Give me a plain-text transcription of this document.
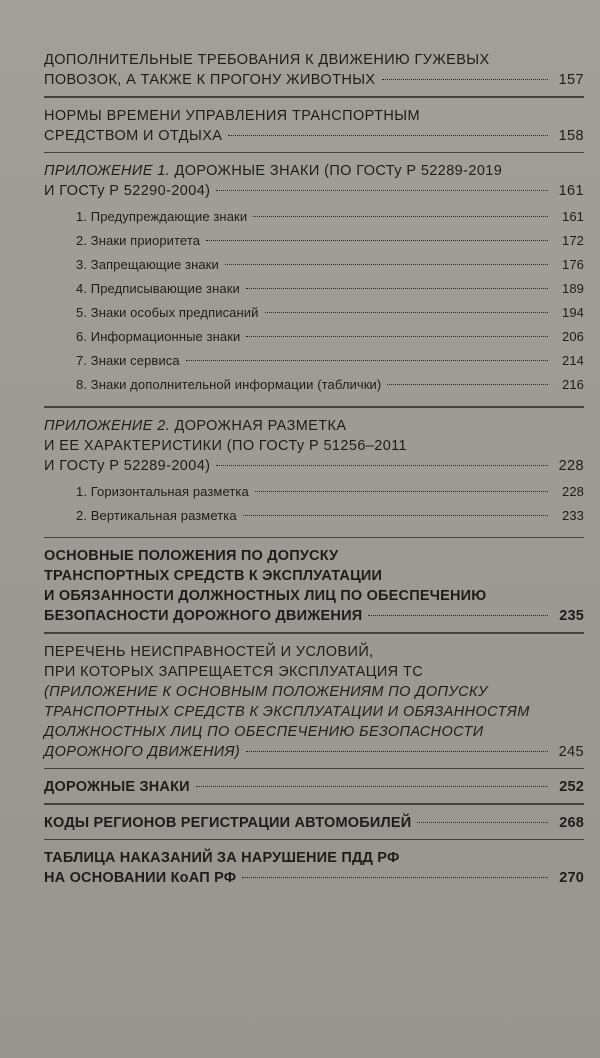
ДОПОЛНИТЕЛЬНЫЕ ТРЕБОВАНИЯ К ДВИЖЕНИЮ ГУЖЕВЫХ
ПОВОЗОК, А ТАКЖЕ К ПРОГОНУ ЖИВОТНЫХ	157
НОРМЫ ВРЕМЕНИ УПРАВЛЕНИЯ ТРАНСПОРТНЫМ
СРЕДСТВОМ И ОТДЫХА	158
ПРИЛОЖЕНИЕ 1. ДОРОЖНЫЕ ЗНАКИ (ПО ГОСТу Р 52289-2019
И ГОСТу Р 52290-2004)	161
1. Предупреждающие знаки	161
2. Знаки приоритета	172
3. Запрещающие знаки	176
4. Предписывающие знаки	189
5. Знаки особых предписаний	194
6. Информационные знаки	206
7. Знаки сервиса	214
8. Знаки дополнительной информации (таблички)	216
ПРИЛОЖЕНИЕ 2. ДОРОЖНАЯ РАЗМЕТКА
И ЕЕ ХАРАКТЕРИСТИКИ (ПО ГОСТу Р 51256–2011
И ГОСТу Р 52289-2004)	228
1. Горизонтальная разметка	228
2. Вертикальная разметка	233
ОСНОВНЫЕ ПОЛОЖЕНИЯ ПО ДОПУСКУ
ТРАНСПОРТНЫХ СРЕДСТВ К ЭКСПЛУАТАЦИИ
И ОБЯЗАННОСТИ ДОЛЖНОСТНЫХ ЛИЦ ПО ОБЕСПЕЧЕНИЮ
БЕЗОПАСНОСТИ ДОРОЖНОГО ДВИЖЕНИЯ	235
ПЕРЕЧЕНЬ НЕИСПРАВНОСТЕЙ И УСЛОВИЙ,
ПРИ КОТОРЫХ ЗАПРЕЩАЕТСЯ ЭКСПЛУАТАЦИЯ ТС
(ПРИЛОЖЕНИЕ К ОСНОВНЫМ ПОЛОЖЕНИЯМ ПО ДОПУСКУ
ТРАНСПОРТНЫХ СРЕДСТВ К ЭКСПЛУАТАЦИИ И ОБЯЗАННОСТЯМ
ДОЛЖНОСТНЫХ ЛИЦ ПО ОБЕСПЕЧЕНИЮ БЕЗОПАСНОСТИ
ДОРОЖНОГО ДВИЖЕНИЯ)	245
ДОРОЖНЫЕ ЗНАКИ	252
КОДЫ РЕГИОНОВ РЕГИСТРАЦИИ АВТОМОБИЛЕЙ	268
ТАБЛИЦА НАКАЗАНИЙ ЗА НАРУШЕНИЕ ПДД РФ
НА ОСНОВАНИИ КоАП РФ	270
